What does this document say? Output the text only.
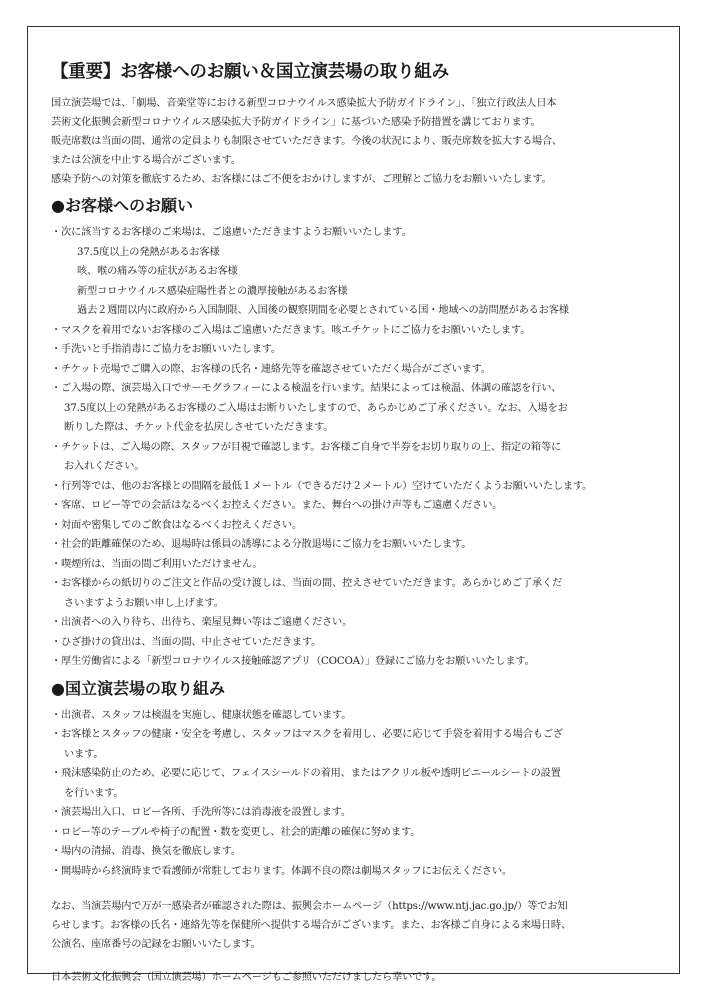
【重要】お客様へのお願い＆国立演芸場の取り組み

国立演芸場では、「劇場、音楽堂等における新型コロナウイルス感染拡大予防ガイドライン」、「独立行政法人日本

芸術文化振興会新型コロナウイルス感染拡大予防ガイドライン」に基づいた感染予防措置を講じております。

販売席数は当面の間、通常の定員よりも制限させていただきます。今後の状況により、販売席数を拡大する場合、

または公演を中止する場合がございます。

感染予防への対策を徹底するため、お客様にはご不便をおかけしますが、ご理解とご協力をお願いいたします。

●お客様へのお願い
・次に該当するお客様のご来場は、ご遠慮いただきますようお願いいたします。
37.5度以上の発熱があるお客様
咳、喉の痛み等の症状があるお客様
新型コロナウイルス感染症陽性者との濃厚接触があるお客様
過去２週間以内に政府から入国制限、入国後の観察期間を必要とされている国・地域への訪問歴があるお客様
・マスクを着用でないお客様のご入場はご遠慮いただきます。咳エチケットにご協力をお願いいたします。
・手洗いと手指消毒にご協力をお願いいたします。
・チケット売場でご購入の際、お客様の氏名・連絡先等を確認させていただく場合がございます。
・ご入場の際、演芸場入口でサーモグラフィーによる検温を行います。結果によっては検温、体調の確認を行い、
37.5度以上の発熱があるお客様のご入場はお断りいたしますので、あらかじめご了承ください。なお、入場をお
断りした際は、チケット代金を払戻しさせていただきます。
・チケットは、ご入場の際、スタッフが目視で確認します。お客様ご自身で半券をお切り取りの上、指定の箱等に
お入れください。
・行列等では、他のお客様との間隔を最低１メートル（できるだけ２メートル）空けていただくようお願いいたします。
・客席、ロビー等での会話はなるべくお控えください。また、舞台への掛け声等もご遠慮ください。
・対面や密集してのご飲食はなるべくお控えください。
・社会的距離確保のため、退場時は係員の誘導による分散退場にご協力をお願いいたします。
・喫煙所は、当面の間ご利用いただけません。
・お客様からの紙切りのご注文と作品の受け渡しは、当面の間、控えさせていただきます。あらかじめご了承くだ
さいますようお願い申し上げます。
・出演者への入り待ち、出待ち、楽屋見舞い等はご遠慮ください。
・ひざ掛けの貸出は、当面の間、中止させていただきます。
・厚生労働省による「新型コロナウイルス接触確認アプリ（COCOA）」登録にご協力をお願いいたします。
●国立演芸場の取り組み
・出演者、スタッフは検温を実施し、健康状態を確認しています。
・お客様とスタッフの健康・安全を考慮し、スタッフはマスクを着用し、必要に応じて手袋を着用する場合もござ
います。
・飛沫感染防止のため、必要に応じて、フェイスシールドの着用、またはアクリル板や透明ビニールシートの設置
を行います。
・演芸場出入口、ロビー各所、手洗所等には消毒液を設置します。
・ロビー等のテーブルや椅子の配置・数を変更し、社会的距離の確保に努めます。
・場内の清掃、消毒、換気を徹底します。
・開場時から終演時まで看護師が常駐しております。体調不良の際は劇場スタッフにお伝えください。

なお、当演芸場内で万が一感染者が確認された際は、振興会ホームページ（https://www.ntj.jac.go.jp/）等でお知

らせします。お客様の氏名・連絡先等を保健所へ提供する場合がございます。また、お客様ご自身による来場日時、

公演名、座席番号の記録をお願いいたします。

日本芸術文化振興会（国立演芸場）ホームページもご参照いただけましたら幸いです。
